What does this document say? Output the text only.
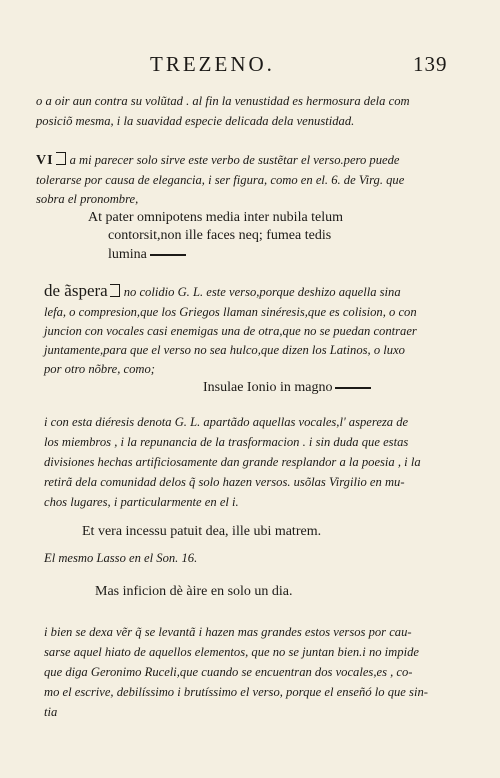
TREZENO.	139
o a oir aun contra su volũtad . al fin la venustidad es hermosura dela com
posiciõ mesma, i la suavidad especie delicada dela venustidad.
VI a mi parecer solo sirve este verbo de sustẽtar el verso.pero puede
tolerarse por causa de elegancia, i ser figura, como en el. 6. de Virg. que
sobra el pronombre,
At pater omnipotens media inter nubila telum
contorsit,non ille faces neq; fumea tedis
lumina
de ãspera no colidio G. L. este verso,porque deshizo aquella sina
lefa, o compresion,que los Griegos llaman sinéresis,que es colision, o con
juncion con vocales casi enemigas una de otra,que no se puedan contraer
juntamente,para que el verso no sea hulco,que dizen los Latinos, o luxo
por otro nõbre, como;
Insulae Ionio in magno
i con esta diéresis denota G. L. apartãdo aquellas vocales,l' aspereza de
los miembros , i la repunancia de la trasformacion . i sin duda que estas
divisiones hechas artificiosamente dan grande resplandor a la poesia , i la
retirã dela comunidad delos q̃ solo hazen versos. usõlas Virgilio en mu-
chos lugares, i particularmente en el i.
Et vera incessu patuit dea, ille ubi matrem.
El mesmo Lasso en el Son. 16.
Mas inficion dè àire en solo un dia.
i bien se dexa vẽr q̃ se levantã i hazen mas grandes estos versos por cau-
sarse aquel hiato de aquellos elementos, que no se juntan bien.i no impide
que diga Geronimo Ruceli,que cuando se encuentran dos vocales,es , co-
mo el escrive, debilíssimo i brutíssimo el verso, porque el enseñó lo que sin-
tia
